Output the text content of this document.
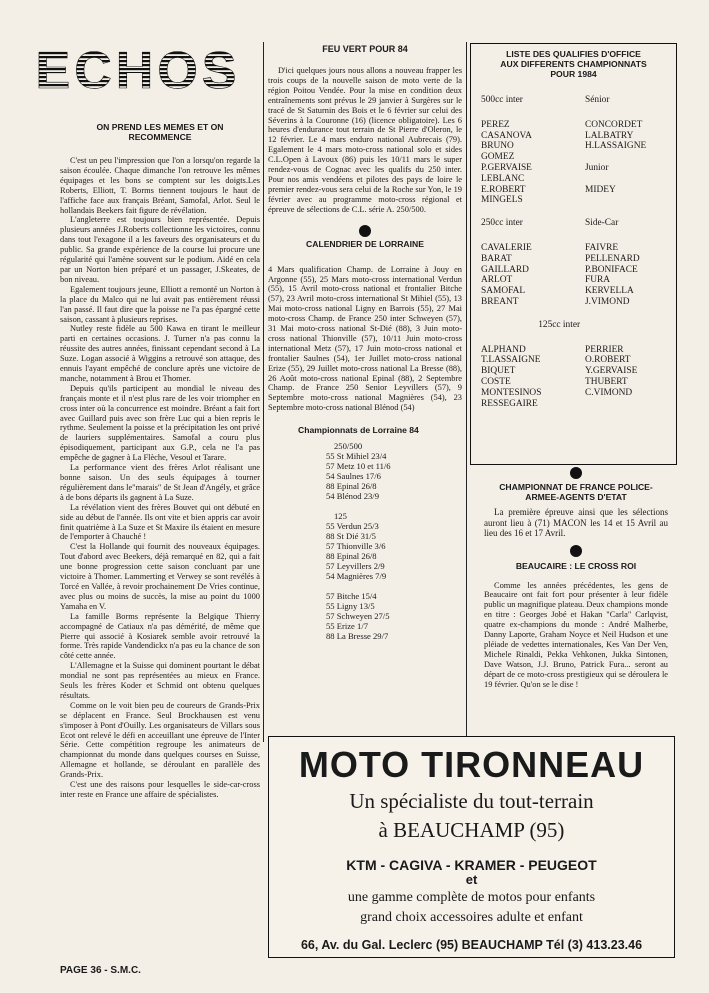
ECHOS
ON PREND LES MEMES ET ON RECOMMENCE

C'est un peu l'impression que l'on a lorsqu'on regarde la saison écoulée. Chaque dimanche l'on retrouve les mêmes équipages et les bons se comptent sur les doigts.Les Roberts, Elliott, T. Borms tiennent toujours le haut de l'affiche face aux français Bréant, Samofal, Arlot. Seul le hollandais Beekers fait figure de révélation.

L'angleterre est toujours bien représentée. Depuis plusieurs années J.Roberts collectionne les victoires, connu dans tout l'exagone il a les faveurs des organisateurs et du public. Sa grande expérience de la course lui procure une régularité qui l'amène souvent sur le podium. Aidé en cela par un Norton bien préparé et un passager, J.Skeates, de bon niveau.

Egalement toujours jeune, Elliott a remonté un Norton à la place du Malco qui ne lui avait pas entièrement réussi l'an passé. Il faut dire que la poisse ne l'a pas épargné cette saison, cassant à plusieurs reprises.

Nutley reste fidèle au 500 Kawa en tirant le meilleur parti en certaines occasions. J. Turner n'a pas connu la réussite des autres années, finissant cependant second à La Suze. Logan associé à Wiggins a retrouvé son attaque, des ennuis l'ayant empêché de conclure après une victoire de manche, notamment à Brou et Thomer.

Depuis qu'ils participent au mondial le niveau des français monte et il n'est plus rare de les voir triompher en cross inter où la concurrence est moindre. Bréant a fait fort avec Guillard puis avec son frère Luc qui a bien repris le rythme. Seulement la poisse et la précipitation les ont privé de lauriers supplémentaires. Samofal a couru plus épisodiquement, participant aux G.P., cela ne l'a pas empêche de gagner à La Flèche, Vesoul et Tarare.

La performance vient des frères Arlot réalisant une bonne saison. Un des seuls équipages à tourner régulièrement dans le"marais" de St Jean d'Angély, et grâce à de bons départs ils gagnent à La Suze.

La révélation vient des frères Bouvet qui ont débuté en side au début de l'année. Ils ont vite et bien appris car avoir finit quatrième à La Suze et St Maxire ils étaient en mesure de l'emporter à Chauché !

C'est la Hollande qui fournit des nouveaux équipages. Tout d'abord avec Beekers, déjà remarqué en 82, qui a fait une bonne progression cette saison concluant par une victoire à Thomer. Lammerting et Verwey se sont revélés à Torcé en Vallée, à revoir prochainement De Vries continue, avec plus ou moins de succès, la mise au point du 1000 Yamaha en V.

La famille Borms représente la Belgique Thierry accompagné de Catiaux n'a pas démérité, de même que Pierre qui associé à Kosiarek semble avoir retrouvé la forme. Très rapide Vandendickx n'a pas eu la chance de son côté cette année.

L'Allemagne et la Suisse qui dominent pourtant le débat mondial ne sont pas représentées au mieux en France. Seuls les frères Koder et Schmid ont obtenu quelques résultats.

Comme on le voit bien peu de coureurs de Grands-Prix se déplacent en France. Seul Brockhausen est venu s'imposer à Pont d'Ouilly. Les organisateurs de Villars sous Ecot ont relevé le défi en acceuillant une épreuve de l'Inter Série. Cette compétition regroupe les animateurs de championnat du monde dans quelques courses en Suisse, Allemagne et hollande, se déroulant en parallèle des Grands-Prix.

C'est une des raisons pour lesquelles le side-car-cross inter reste en France une affaire de spécialistes.

PAGE 36 - S.M.C.
FEU VERT POUR 84

D'ici quelques jours nous allons a nouveau frapper les trois coups de la nouvelle saison de moto verte de la région Poitou Vendée. Pour la mise en condition deux entraînements sont prévus le 29 janvier à Surgères sur le tracé de St Saturnin des Bois et le 6 février sur celui des Séverins à la Couronne (16) (licence obligatoire). Les 6 heures d'endurance tout terrain de St Pierre d'Oleron, le 12 février. Le 4 mars enduro national Aubrecais (79). Egalement le 4 mars moto-cross national solo et sides C.L.Open à Lavoux (86) puis les 10/11 mars le super rendez-vous de Cognac avec les qualifs du 250 inter. Pour nos amis vendéens et pilotes des pays de loire le premier rendez-vous sera celui de la Roche sur Yon, le 19 février avec au programme moto-cross régional et épreuve de sélections de C.L. série A. 250/500.

CALENDRIER DE LORRAINE

4 Mars qualification Champ. de Lorraine à Jouy en Argonne (55), 25 Mars moto-cross international Verdun (55), 15 Avril moto-cross national et frontalier Bitche (57), 23 Avril moto-cross international St Mihiel (55), 13 Mai moto-cross national Ligny en Barrois (55), 27 Mai moto-cross Champ. de France 250 inter Schweyen (57), 31 Mai moto-cross national St-Dié (88), 3 Juin moto-cross national Thionville (57), 10/11 Juin moto-cross international Metz (57), 17 Juin moto-cross national et frontalier Saulnes (54), 1er Juillet moto-cross national Erize (55), 29 Juillet moto-cross national La Bresse (88), 26 Août moto-cross national Epinal (88), 2 Septembre Champ. de France 250 Senior Leyvillers (57), 9 Septembre moto-cross national Magnières (54), 23 Septembre moto-cross national Blénod (54)

Championnats de Lorraine 84
250/500
55 St Mihiel 23/4
57 Metz 10 et 11/6
54 Saulnes 17/6
88 Epinal 26/8
54 Blénod 23/9
125
55 Verdun 25/3
88 St Dié 31/5
57 Thionville 3/6
88 Epinal 26/8
57 Leyvillers 2/9
54 Magnières 7/9
57 Bitche 15/4
55 Ligny 13/5
57 Schweyen 27/5
55 Erize 1/7
88 La Bresse 29/7
LISTE DES QUALIFIES D'OFFICE AUX DIFFERENTS CHAMPIONNATS POUR 1984
500cc inter	Sénior
PEREZ	CONCORDET
CASANOVA	LALBATRY
BRUNO	H.LASSAIGNE
GOMEZ	
P.GERVAISE	Junior
LEBLANC	
E.ROBERT	MIDEY
MINGELS	
250cc inter	Side-Car
CAVALERIE	FAIVRE
BARAT	PELLENARD
GAILLARD	P.BONIFACE
ARLOT	FURA
SAMOFAL	KERVELLA
BREANT	J.VIMOND
125cc inter	
ALPHAND	PERRIER
T.LASSAIGNE	O.ROBERT
BIQUET	Y.GERVAISE
COSTE	THUBERT
MONTESINOS	C.VIMOND
RESSEGAIRE	
CHAMPIONNAT DE FRANCE POLICE-ARMEE-AGENTS D'ETAT

La première épreuve ainsi que les sélections auront lieu à (71) MACON les 14 et 15 Avril au lieu des 16 et 17 Avril.

BEAUCAIRE : LE CROSS ROI

Comme les années précédentes, les gens de Beaucaire ont fait fort pour présenter à leur fidèle public un magnifique plateau. Deux champions monde en titre : Georges Jobé et Hakan "Carla" Carlqvist, quatre ex-champions du monde : André Malherbe, Danny Laporte, Graham Noyce et Neil Hudson et une pléiade de vedettes internationales, Kes Van Der Ven, Michele Rinaldi, Pekka Vehkonen, Jukka Sintonen, Dave Watson, J.J. Bruno, Patrick Fura... seront au départ de ce moto-cross prestigieux qui se déroulera le 19 février. Qu'on se le dise !

MOTO TIRONNEAU
Un spécialiste du tout-terrain
à BEAUCHAMP (95)
KTM - CAGIVA - KRAMER - PEUGEOT
et
une gamme complète de motos pour enfants
grand choix accessoires adulte et enfant
66, Av. du Gal. Leclerc (95) BEAUCHAMP Tél (3) 413.23.46
